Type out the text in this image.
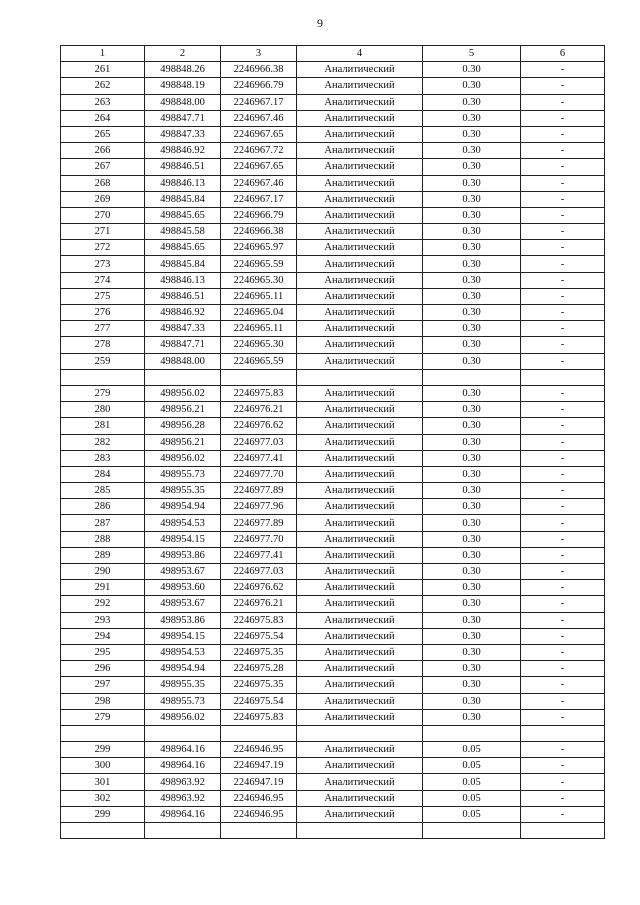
9
1	2	3	4	5	6
261	498848.26	2246966.38	Аналитический	0.30	-
262	498848.19	2246966.79	Аналитический	0.30	-
263	498848.00	2246967.17	Аналитический	0.30	-
264	498847.71	2246967.46	Аналитический	0.30	-
265	498847.33	2246967.65	Аналитический	0.30	-
266	498846.92	2246967.72	Аналитический	0.30	-
267	498846.51	2246967.65	Аналитический	0.30	-
268	498846.13	2246967.46	Аналитический	0.30	-
269	498845.84	2246967.17	Аналитический	0.30	-
270	498845.65	2246966.79	Аналитический	0.30	-
271	498845.58	2246966.38	Аналитический	0.30	-
272	498845.65	2246965.97	Аналитический	0.30	-
273	498845.84	2246965.59	Аналитический	0.30	-
274	498846.13	2246965.30	Аналитический	0.30	-
275	498846.51	2246965.11	Аналитический	0.30	-
276	498846.92	2246965.04	Аналитический	0.30	-
277	498847.33	2246965.11	Аналитический	0.30	-
278	498847.71	2246965.30	Аналитический	0.30	-
259	498848.00	2246965.59	Аналитический	0.30	-

279	498956.02	2246975.83	Аналитический	0.30	-
280	498956.21	2246976.21	Аналитический	0.30	-
281	498956.28	2246976.62	Аналитический	0.30	-
282	498956.21	2246977.03	Аналитический	0.30	-
283	498956.02	2246977.41	Аналитический	0.30	-
284	498955.73	2246977.70	Аналитический	0.30	-
285	498955.35	2246977.89	Аналитический	0.30	-
286	498954.94	2246977.96	Аналитический	0.30	-
287	498954.53	2246977.89	Аналитический	0.30	-
288	498954.15	2246977.70	Аналитический	0.30	-
289	498953.86	2246977.41	Аналитический	0.30	-
290	498953.67	2246977.03	Аналитический	0.30	-
291	498953.60	2246976.62	Аналитический	0.30	-
292	498953.67	2246976.21	Аналитический	0.30	-
293	498953.86	2246975.83	Аналитический	0.30	-
294	498954.15	2246975.54	Аналитический	0.30	-
295	498954.53	2246975.35	Аналитический	0.30	-
296	498954.94	2246975.28	Аналитический	0.30	-
297	498955.35	2246975.35	Аналитический	0.30	-
298	498955.73	2246975.54	Аналитический	0.30	-
279	498956.02	2246975.83	Аналитический	0.30	-

299	498964.16	2246946.95	Аналитический	0.05	-
300	498964.16	2246947.19	Аналитический	0.05	-
301	498963.92	2246947.19	Аналитический	0.05	-
302	498963.92	2246946.95	Аналитический	0.05	-
299	498964.16	2246946.95	Аналитический	0.05	-
